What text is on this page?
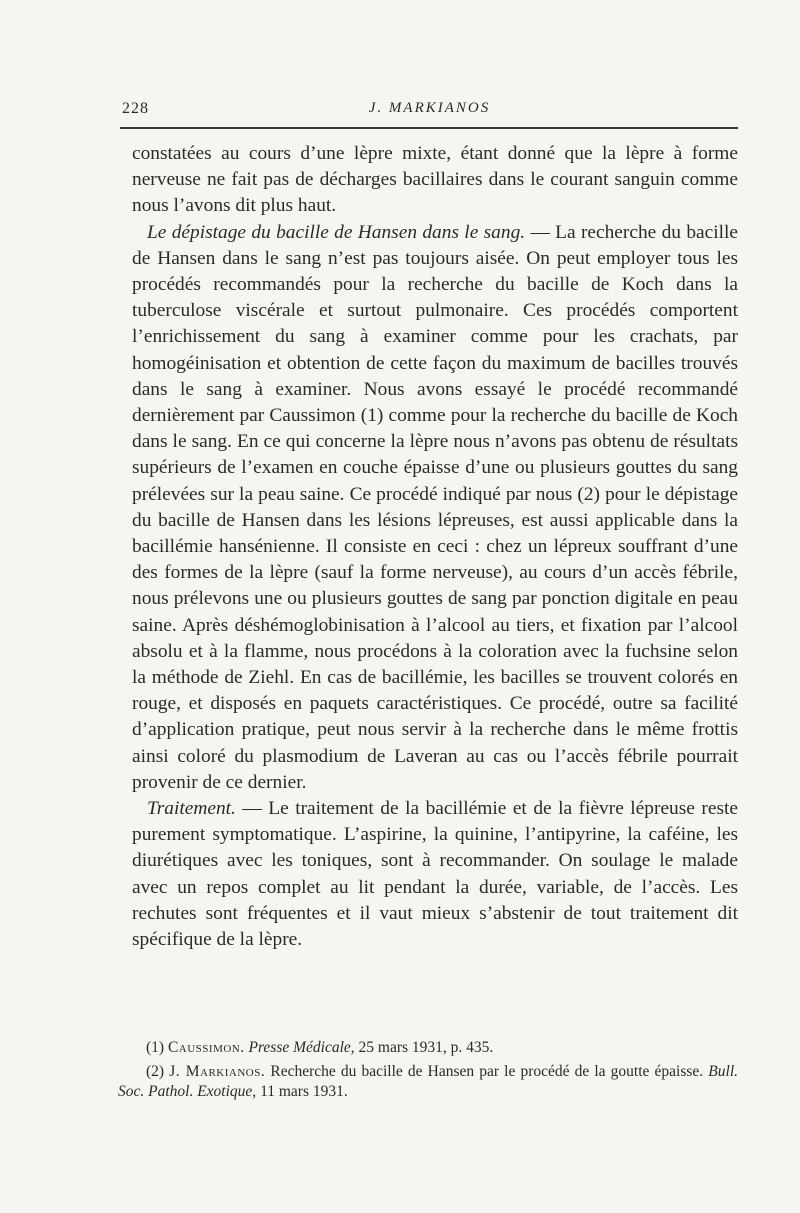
228	J. MARKIANOS

constatées au cours d’une lèpre mixte, étant donné que la lèpre à forme nerveuse ne fait pas de décharges bacillaires dans le courant sanguin comme nous l’avons dit plus haut.

Le dépistage du bacille de Hansen dans le sang. — La recherche du bacille de Hansen dans le sang n’est pas toujours aisée. On peut employer tous les procédés recommandés pour la recherche du bacille de Koch dans la tuberculose viscérale et surtout pulmonaire. Ces procédés comportent l’enrichissement du sang à examiner comme pour les crachats, par homogéinisation et obtention de cette façon du maximum de bacilles trouvés dans le sang à examiner. Nous avons essayé le procédé recommandé dernièrement par Caussimon (1) comme pour la recherche du bacille de Koch dans le sang. En ce qui concerne la lèpre nous n’avons pas obtenu de résultats supérieurs de l’examen en couche épaisse d’une ou plusieurs gouttes du sang prélevées sur la peau saine. Ce procédé indiqué par nous (2) pour le dépistage du bacille de Hansen dans les lésions lépreuses, est aussi applicable dans la bacillémie hansénienne. Il consiste en ceci : chez un lépreux souffrant d’une des formes de la lèpre (sauf la forme nerveuse), au cours d’un accès fébrile, nous prélevons une ou plusieurs gouttes de sang par ponction digitale en peau saine. Après déshémoglobinisation à l’alcool au tiers, et fixation par l’alcool absolu et à la flamme, nous procédons à la coloration avec la fuchsine selon la méthode de Ziehl. En cas de bacillémie, les bacilles se trouvent colorés en rouge, et disposés en paquets caractéristiques. Ce procédé, outre sa facilité d’application pratique, peut nous servir à la recherche dans le même frottis ainsi coloré du plasmodium de Laveran au cas ou l’accès fébrile pourrait provenir de ce dernier.

Traitement. — Le traitement de la bacillémie et de la fièvre lépreuse reste purement symptomatique. L’aspirine, la quinine, l’antipyrine, la caféine, les diurétiques avec les toniques, sont à recommander. On soulage le malade avec un repos complet au lit pendant la durée, variable, de l’accès. Les rechutes sont fréquentes et il vaut mieux s’abstenir de tout traitement dit spécifique de la lèpre.

(1) Caussimon. Presse Médicale, 25 mars 1931, p. 435.

(2) J. Markianos. Recherche du bacille de Hansen par le procédé de la goutte épaisse. Bull. Soc. Pathol. Exotique, 11 mars 1931.
